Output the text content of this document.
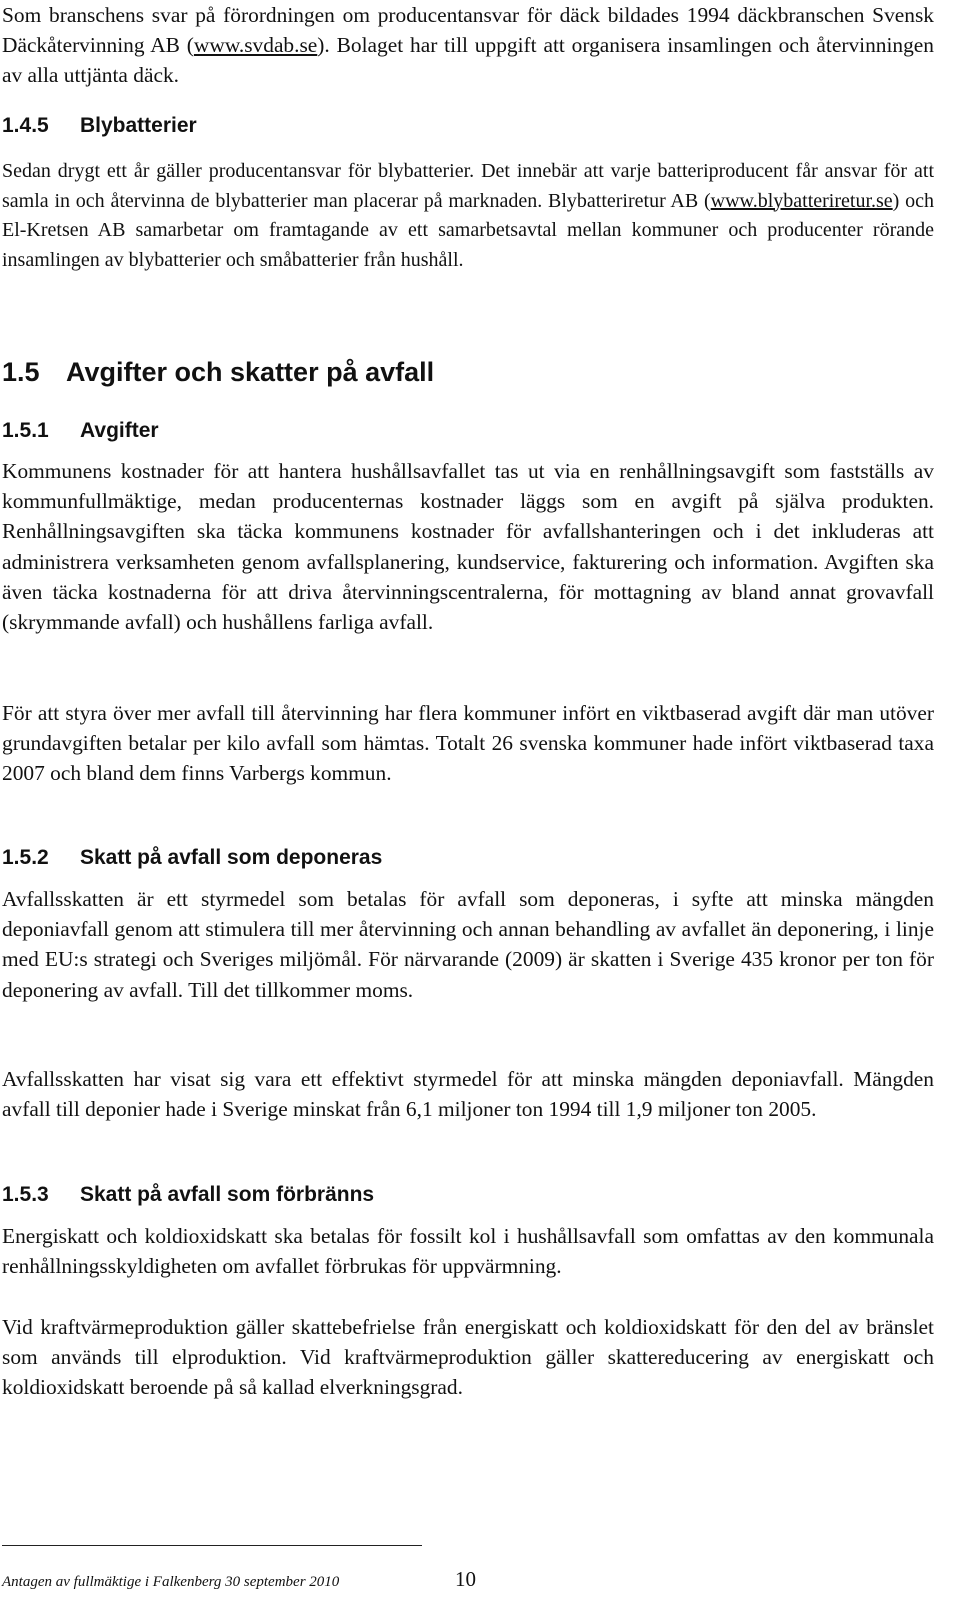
Som branschens svar på förordningen om producentansvar för däck bildades 1994 däckbranschen Svensk Däckåtervinning AB (www.svdab.se). Bolaget har till uppgift att organisera insamlingen och återvinningen av alla uttjänta däck.

1.4.5 Blybatterier

Sedan drygt ett år gäller producentansvar för blybatterier. Det innebär att varje batteriproducent får ansvar för att samla in och återvinna de blybatterier man placerar på marknaden. Blybatteriretur AB (www.blybatteriretur.se) och El-Kretsen AB samarbetar om framtagande av ett samarbetsavtal mellan kommuner och producenter rörande insamlingen av blybatterier och småbatterier från hushåll.

1.5 Avgifter och skatter på avfall

1.5.1 Avgifter

Kommunens kostnader för att hantera hushållsavfallet tas ut via en renhållningsavgift som fastställs av kommunfullmäktige, medan producenternas kostnader läggs som en avgift på själva produkten. Renhållningsavgiften ska täcka kommunens kostnader för avfallshanteringen och i det inkluderas att administrera verksamheten genom avfallsplanering, kundservice, fakturering och information. Avgiften ska även täcka kostnaderna för att driva återvinningscentralerna, för mottagning av bland annat grovavfall (skrymmande avfall) och hushållens farliga avfall.

För att styra över mer avfall till återvinning har flera kommuner infört en viktbaserad avgift där man utöver grundavgiften betalar per kilo avfall som hämtas. Totalt 26 svenska kommuner hade infört viktbaserad taxa 2007 och bland dem finns Varbergs kommun.

1.5.2 Skatt på avfall som deponeras

Avfallsskatten är ett styrmedel som betalas för avfall som deponeras, i syfte att minska mängden deponiavfall genom att stimulera till mer återvinning och annan behandling av avfallet än deponering, i linje med EU:s strategi och Sveriges miljömål. För närvarande (2009) är skatten i Sverige 435 kronor per ton för deponering av avfall. Till det tillkommer moms.

Avfallsskatten har visat sig vara ett effektivt styrmedel för att minska mängden deponiavfall. Mängden avfall till deponier hade i Sverige minskat från 6,1 miljoner ton 1994 till 1,9 miljoner ton 2005.

1.5.3 Skatt på avfall som förbränns

Energiskatt och koldioxidskatt ska betalas för fossilt kol i hushållsavfall som omfattas av den kommunala renhållningsskyldigheten om avfallet förbrukas för uppvärmning.

Vid kraftvärmeproduktion gäller skattebefrielse från energiskatt och koldioxidskatt för den del av bränslet som används till elproduktion. Vid kraftvärmeproduktion gäller skattereducering av energiskatt och koldioxidskatt beroende på så kallad elverkningsgrad.

Antagen av fullmäktige i Falkenberg 30 september 2010	10
